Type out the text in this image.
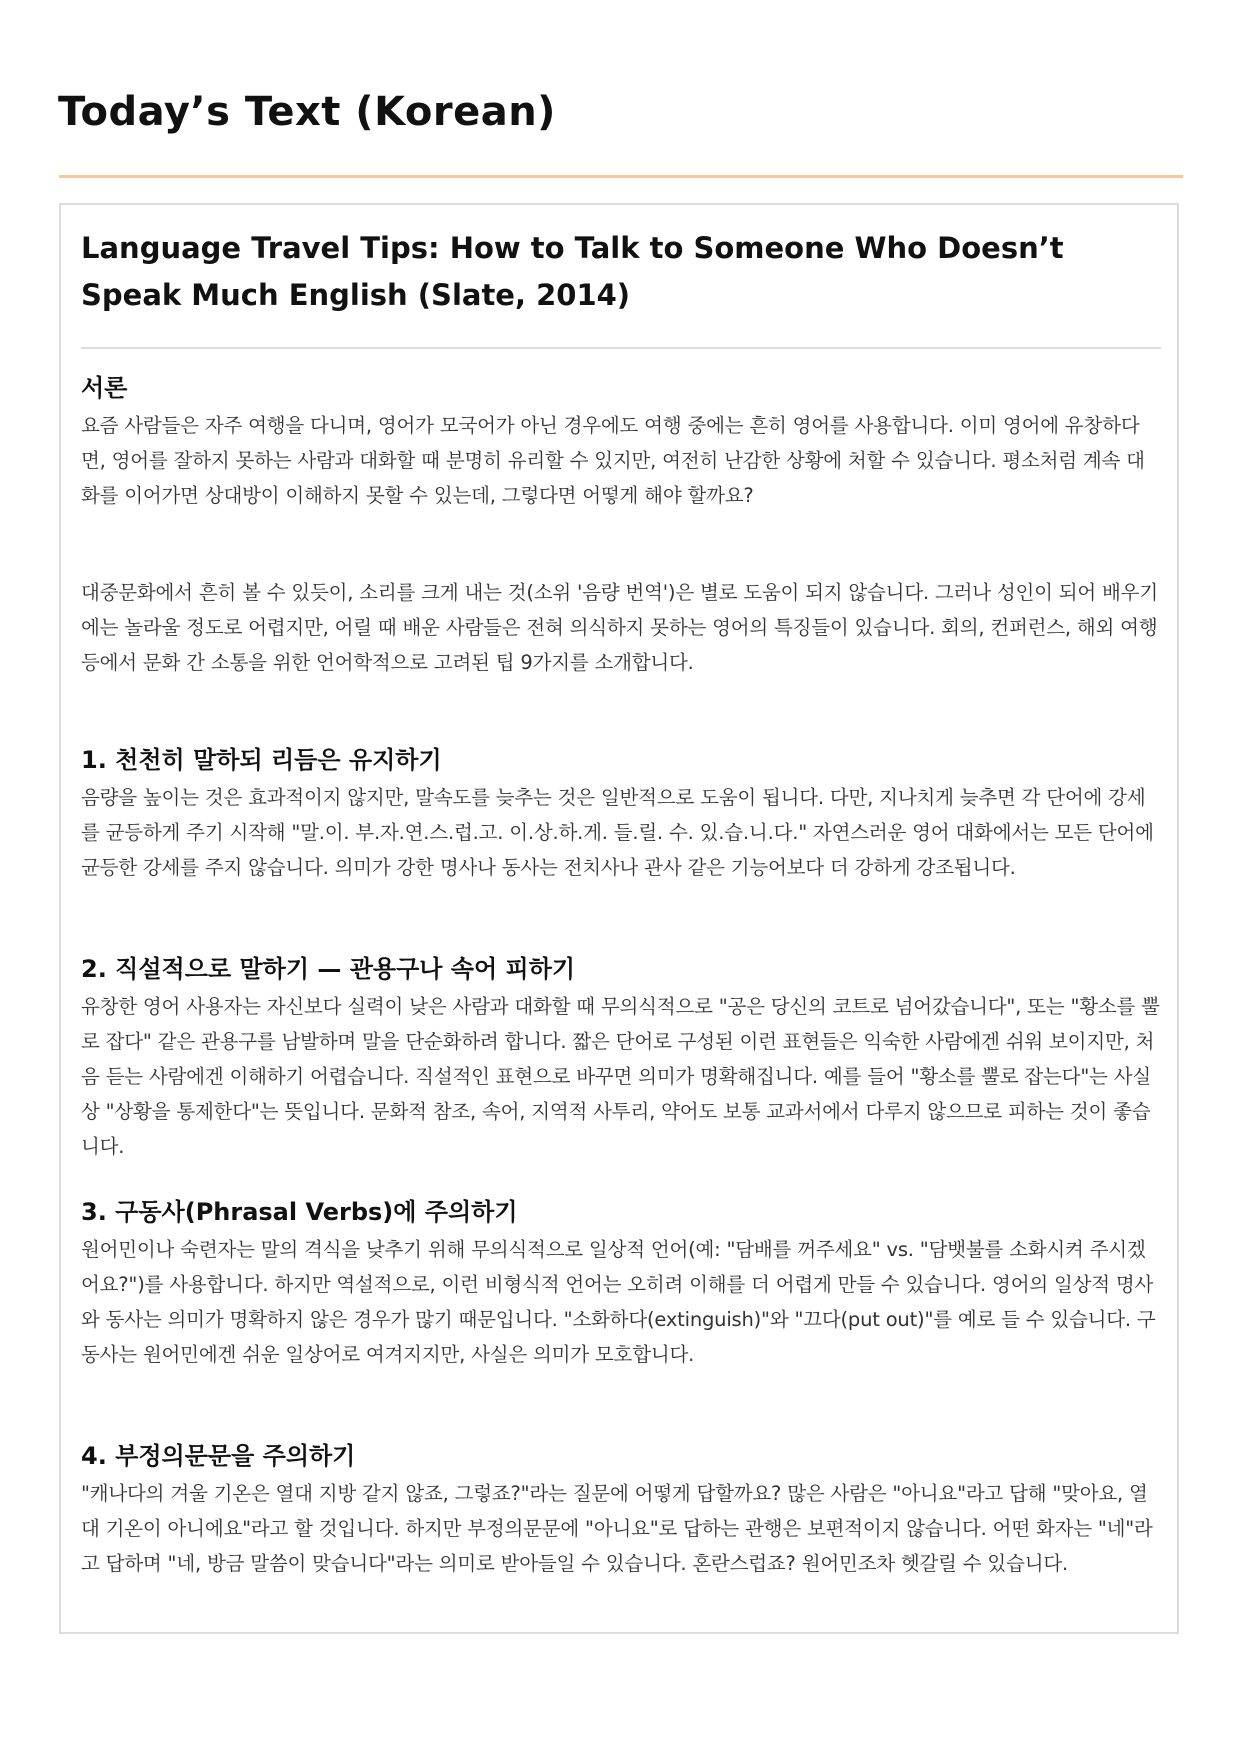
Today’s Text (Korean)
Language Travel Tips: How to Talk to Someone Who Doesn’t Speak Much English (Slate, 2014)
서론

요즘 사람들은 자주 여행을 다니며, 영어가 모국어가 아닌 경우에도 여행 중에는 흔히 영어를 사용합니다. 이미 영어에 유창하다면, 영어를 잘하지 못하는 사람과 대화할 때 분명히 유리할 수 있지만, 여전히 난감한 상황에 처할 수 있습니다. 평소처럼 계속 대화를 이어가면 상대방이 이해하지 못할 수 있는데, 그렇다면 어떻게 해야 할까요?

대중문화에서 흔히 볼 수 있듯이, 소리를 크게 내는 것(소위 '음량 번역')은 별로 도움이 되지 않습니다. 그러나 성인이 되어 배우기에는 놀라울 정도로 어렵지만, 어릴 때 배운 사람들은 전혀 의식하지 못하는 영어의 특징들이 있습니다. 회의, 컨퍼런스, 해외 여행 등에서 문화 간 소통을 위한 언어학적으로 고려된 팁 9가지를 소개합니다.

1. 천천히 말하되 리듬은 유지하기

음량을 높이는 것은 효과적이지 않지만, 말속도를 늦추는 것은 일반적으로 도움이 됩니다. 다만, 지나치게 늦추면 각 단어에 강세를 균등하게 주기 시작해 "말.이. 부.자.연.스.럽.고. 이.상.하.게. 들.릴. 수. 있.습.니.다." 자연스러운 영어 대화에서는 모든 단어에 균등한 강세를 주지 않습니다. 의미가 강한 명사나 동사는 전치사나 관사 같은 기능어보다 더 강하게 강조됩니다.

2. 직설적으로 말하기 — 관용구나 속어 피하기

유창한 영어 사용자는 자신보다 실력이 낮은 사람과 대화할 때 무의식적으로 "공은 당신의 코트로 넘어갔습니다", 또는 "황소를 뿔로 잡다" 같은 관용구를 남발하며 말을 단순화하려 합니다. 짧은 단어로 구성된 이런 표현들은 익숙한 사람에겐 쉬워 보이지만, 처음 듣는 사람에겐 이해하기 어렵습니다. 직설적인 표현으로 바꾸면 의미가 명확해집니다. 예를 들어 "황소를 뿔로 잡는다"는 사실상 "상황을 통제한다"는 뜻입니다. 문화적 참조, 속어, 지역적 사투리, 약어도 보통 교과서에서 다루지 않으므로 피하는 것이 좋습니다.

3. 구동사(Phrasal Verbs)에 주의하기

원어민이나 숙련자는 말의 격식을 낮추기 위해 무의식적으로 일상적 언어(예: "담배를 꺼주세요" vs. "담뱃불를 소화시켜 주시겠어요?")를 사용합니다. 하지만 역설적으로, 이런 비형식적 언어는 오히려 이해를 더 어렵게 만들 수 있습니다. 영어의 일상적 명사와 동사는 의미가 명확하지 않은 경우가 많기 때문입니다. "소화하다(extinguish)"와 "끄다(put out)"를 예로 들 수 있습니다. 구동사는 원어민에겐 쉬운 일상어로 여겨지지만, 사실은 의미가 모호합니다.

4. 부정의문문을 주의하기

"캐나다의 겨울 기온은 열대 지방 같지 않죠, 그렇죠?"라는 질문에 어떻게 답할까요? 많은 사람은 "아니요"라고 답해 "맞아요, 열대 기온이 아니에요"라고 할 것입니다. 하지만 부정의문문에 "아니요"로 답하는 관행은 보편적이지 않습니다. 어떤 화자는 "네"라고 답하며 "네, 방금 말씀이 맞습니다"라는 의미로 받아들일 수 있습니다. 혼란스럽죠? 원어민조차 헷갈릴 수 있습니다.
